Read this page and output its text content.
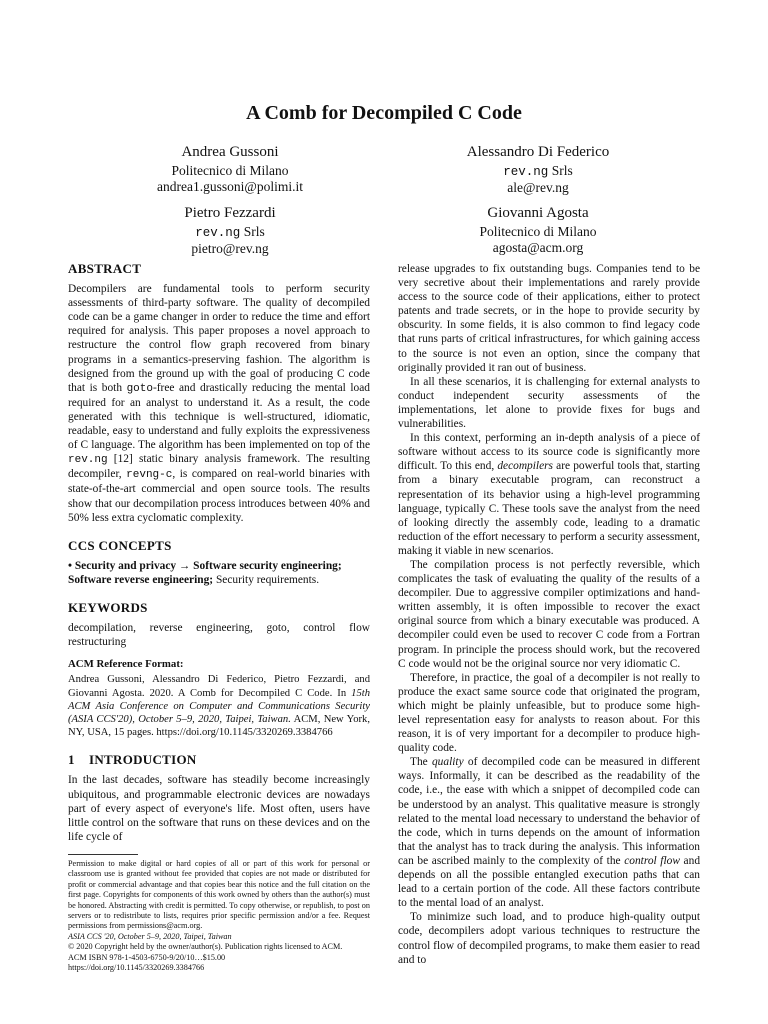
A Comb for Decompiled C Code
Andrea Gussoni
Politecnico di Milano
andrea1.gussoni@polimi.it
Alessandro Di Federico
rev.ng Srls
ale@rev.ng
Pietro Fezzardi
rev.ng Srls
pietro@rev.ng
Giovanni Agosta
Politecnico di Milano
agosta@acm.org
ABSTRACT

Decompilers are fundamental tools to perform security assessments of third-party software. The quality of decompiled code can be a game changer in order to reduce the time and effort required for analysis. This paper proposes a novel approach to restructure the control flow graph recovered from binary programs in a semantics-preserving fashion. The algorithm is designed from the ground up with the goal of producing C code that is both goto-free and drastically reducing the mental load required for an analyst to understand it. As a result, the code generated with this technique is well-structured, idiomatic, readable, easy to understand and fully exploits the expressiveness of C language. The algorithm has been implemented on top of the rev.ng [12] static binary analysis framework. The resulting decompiler, revng-c, is compared on real-world binaries with state-of-the-art commercial and open source tools. The results show that our decompilation process introduces between 40% and 50% less extra cyclomatic complexity.

CCS CONCEPTS

• Security and privacy → Software security engineering; Software reverse engineering; Security requirements.

KEYWORDS

decompilation, reverse engineering, goto, control flow restructuring

ACM Reference Format:

Andrea Gussoni, Alessandro Di Federico, Pietro Fezzardi, and Giovanni Agosta. 2020. A Comb for Decompiled C Code. In 15th ACM Asia Conference on Computer and Communications Security (ASIA CCS'20), October 5–9, 2020, Taipei, Taiwan. ACM, New York, NY, USA, 15 pages. https://doi.org/10.1145/3320269.3384766

1    INTRODUCTION

In the last decades, software has steadily become increasingly ubiquitous, and programmable electronic devices are nowadays part of every aspect of everyone's life. Most often, users have little control on the software that runs on these devices and on the life cycle of

Permission to make digital or hard copies of all or part of this work for personal or classroom use is granted without fee provided that copies are not made or distributed for profit or commercial advantage and that copies bear this notice and the full citation on the first page. Copyrights for components of this work owned by others than the author(s) must be honored. Abstracting with credit is permitted. To copy otherwise, or republish, to post on servers or to redistribute to lists, requires prior specific permission and/or a fee. Request permissions from permissions@acm.org.
ASIA CCS '20, October 5–9, 2020, Taipei, Taiwan
© 2020 Copyright held by the owner/author(s). Publication rights licensed to ACM.
ACM ISBN 978-1-4503-6750-9/20/10…$15.00
https://doi.org/10.1145/3320269.3384766

release upgrades to fix outstanding bugs. Companies tend to be very secretive about their implementations and rarely provide access to the source code of their applications, either to protect patents and trade secrets, or in the hope to provide security by obscurity. In some fields, it is also common to find legacy code that runs parts of critical infrastructures, for which gaining access to the source is not even an option, since the company that originally provided it ran out of business.

In all these scenarios, it is challenging for external analysts to conduct independent security assessments of the implementations, let alone to provide fixes for bugs and vulnerabilities.

In this context, performing an in-depth analysis of a piece of software without access to its source code is significantly more difficult. To this end, decompilers are powerful tools that, starting from a binary executable program, can reconstruct a representation of its behavior using a high-level programming language, typically C. These tools save the analyst from the need of looking directly the assembly code, leading to a dramatic reduction of the effort necessary to perform a security assessment, making it viable in new scenarios.

The compilation process is not perfectly reversible, which complicates the task of evaluating the quality of the results of a decompiler. Due to aggressive compiler optimizations and hand-written assembly, it is often impossible to recover the exact original source from which a binary executable was produced. A decompiler could even be used to recover C code from a Fortran program. In principle the process should work, but the recovered C code would not be the original source nor very idiomatic C.

Therefore, in practice, the goal of a decompiler is not really to produce the exact same source code that originated the program, which might be plainly unfeasible, but to produce some high-level representation easy for analysts to reason about. For this reason, it is of very important for a decompiler to produce high-quality code.

The quality of decompiled code can be measured in different ways. Informally, it can be described as the readability of the code, i.e., the ease with which a snippet of decompiled code can be understood by an analyst. This qualitative measure is strongly related to the mental load necessary to understand the behavior of the code, which in turns depends on the amount of information that the analyst has to track during the analysis. This information can be ascribed mainly to the complexity of the control flow and depends on all the possible entangled execution paths that can lead to a certain portion of the code. All these factors contribute to the mental load of an analyst.

To minimize such load, and to produce high-quality output code, decompilers adopt various techniques to restructure the control flow of decompiled programs, to make them easier to read and to
